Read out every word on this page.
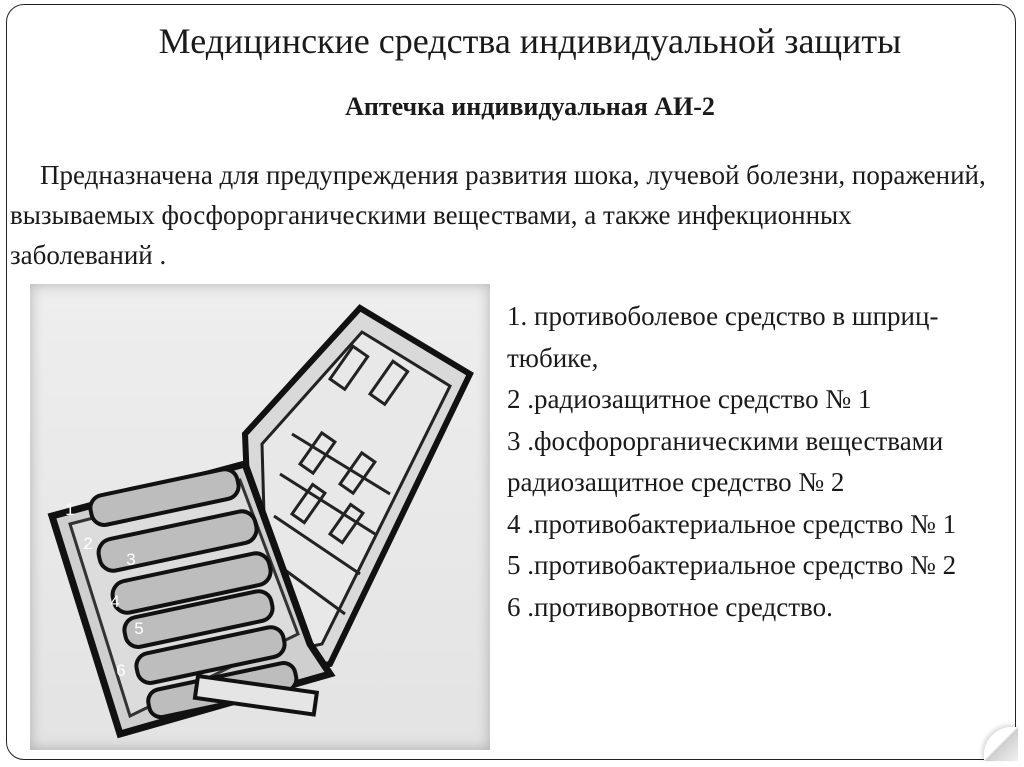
Медицинские средства индивидуальной защиты
Аптечка индивидуальная АИ-2

Предназначена для предупреждения развития шока, лучевой болезни, поражений, вызываемых фосфорорганическими веществами, а также инфекционных заболеваний .

1
2
3
4
5
6
1. противоболевое средство в шприц-тюбике,
2 .радиозащитное средство № 1
3 .фосфорорганическими веществами радиозащитное средство № 2
4 .противобактериальное средство № 1
5 .противобактериальное средство № 2
6 .противорвотное средство.
